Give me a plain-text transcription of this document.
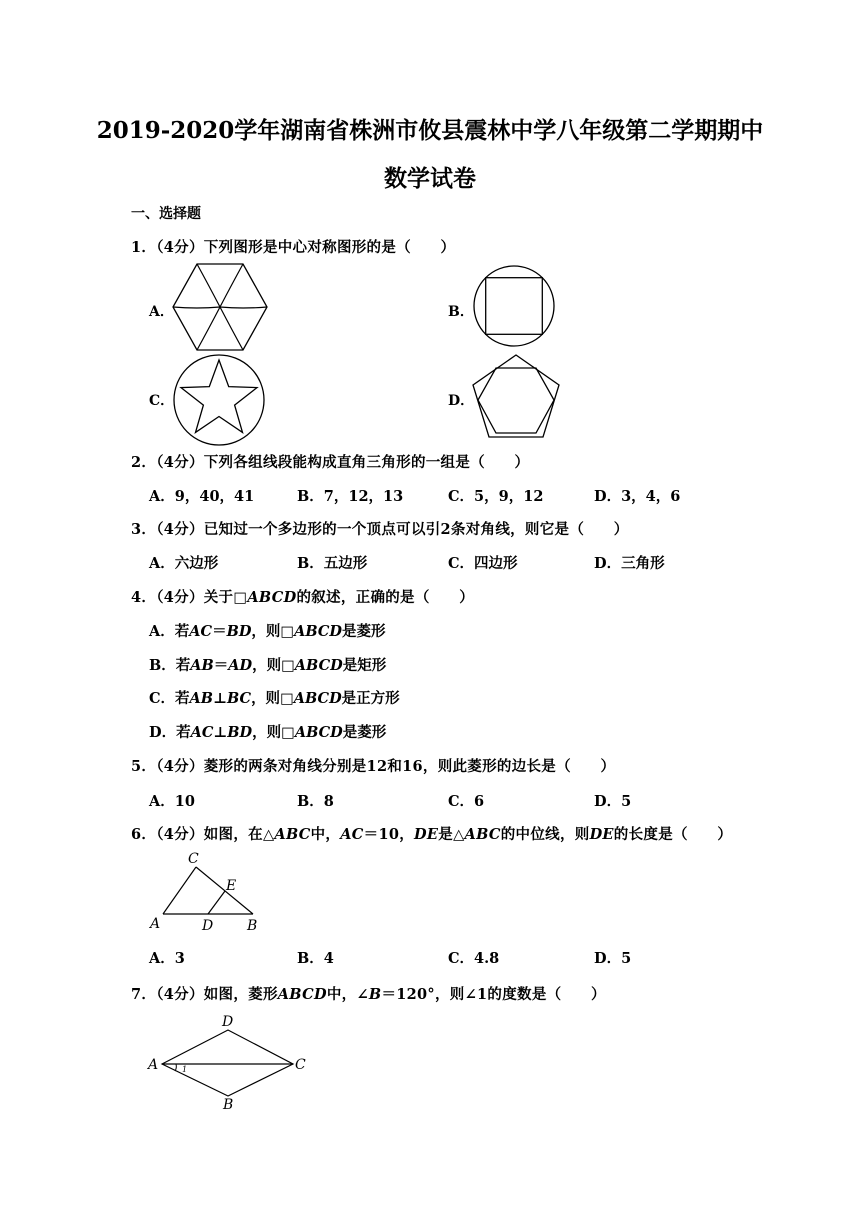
2019-2020学年湖南省株洲市攸县震林中学八年级第二学期期中
数学试卷
一、选择题
1．（4分）下列图形是中心对称图形的是（　　）
A．	B．
C．	D．
2．（4分）下列各组线段能构成直角三角形的一组是（　　）
A．9，40，41	B．7，12，13	C．5，9，12	D．3，4，6
3．（4分）已知过一个多边形的一个顶点可以引2条对角线，则它是（　　）
A．六边形	B．五边形	C．四边形	D．三角形
4．（4分）关于□ABCD的叙述，正确的是（　　）
A．若AC＝BD，则□ABCD是菱形
B．若AB＝AD，则□ABCD是矩形
C．若AB⊥BC，则□ABCD是正方形
D．若AC⊥BD，则□ABCD是菱形
5．（4分）菱形的两条对角线分别是12和16，则此菱形的边长是（　　）
A．10	B．8	C．6	D．5
6．（4分）如图，在△ABC中，AC＝10，DE是△ABC的中位线，则DE的长度是（　　）
A
C
E
D B
A．3	B．4	C．4.8	D．5
7．（4分）如图，菱形ABCD中，∠B＝120°，则∠1的度数是（　　）
D
A	C
B
1
